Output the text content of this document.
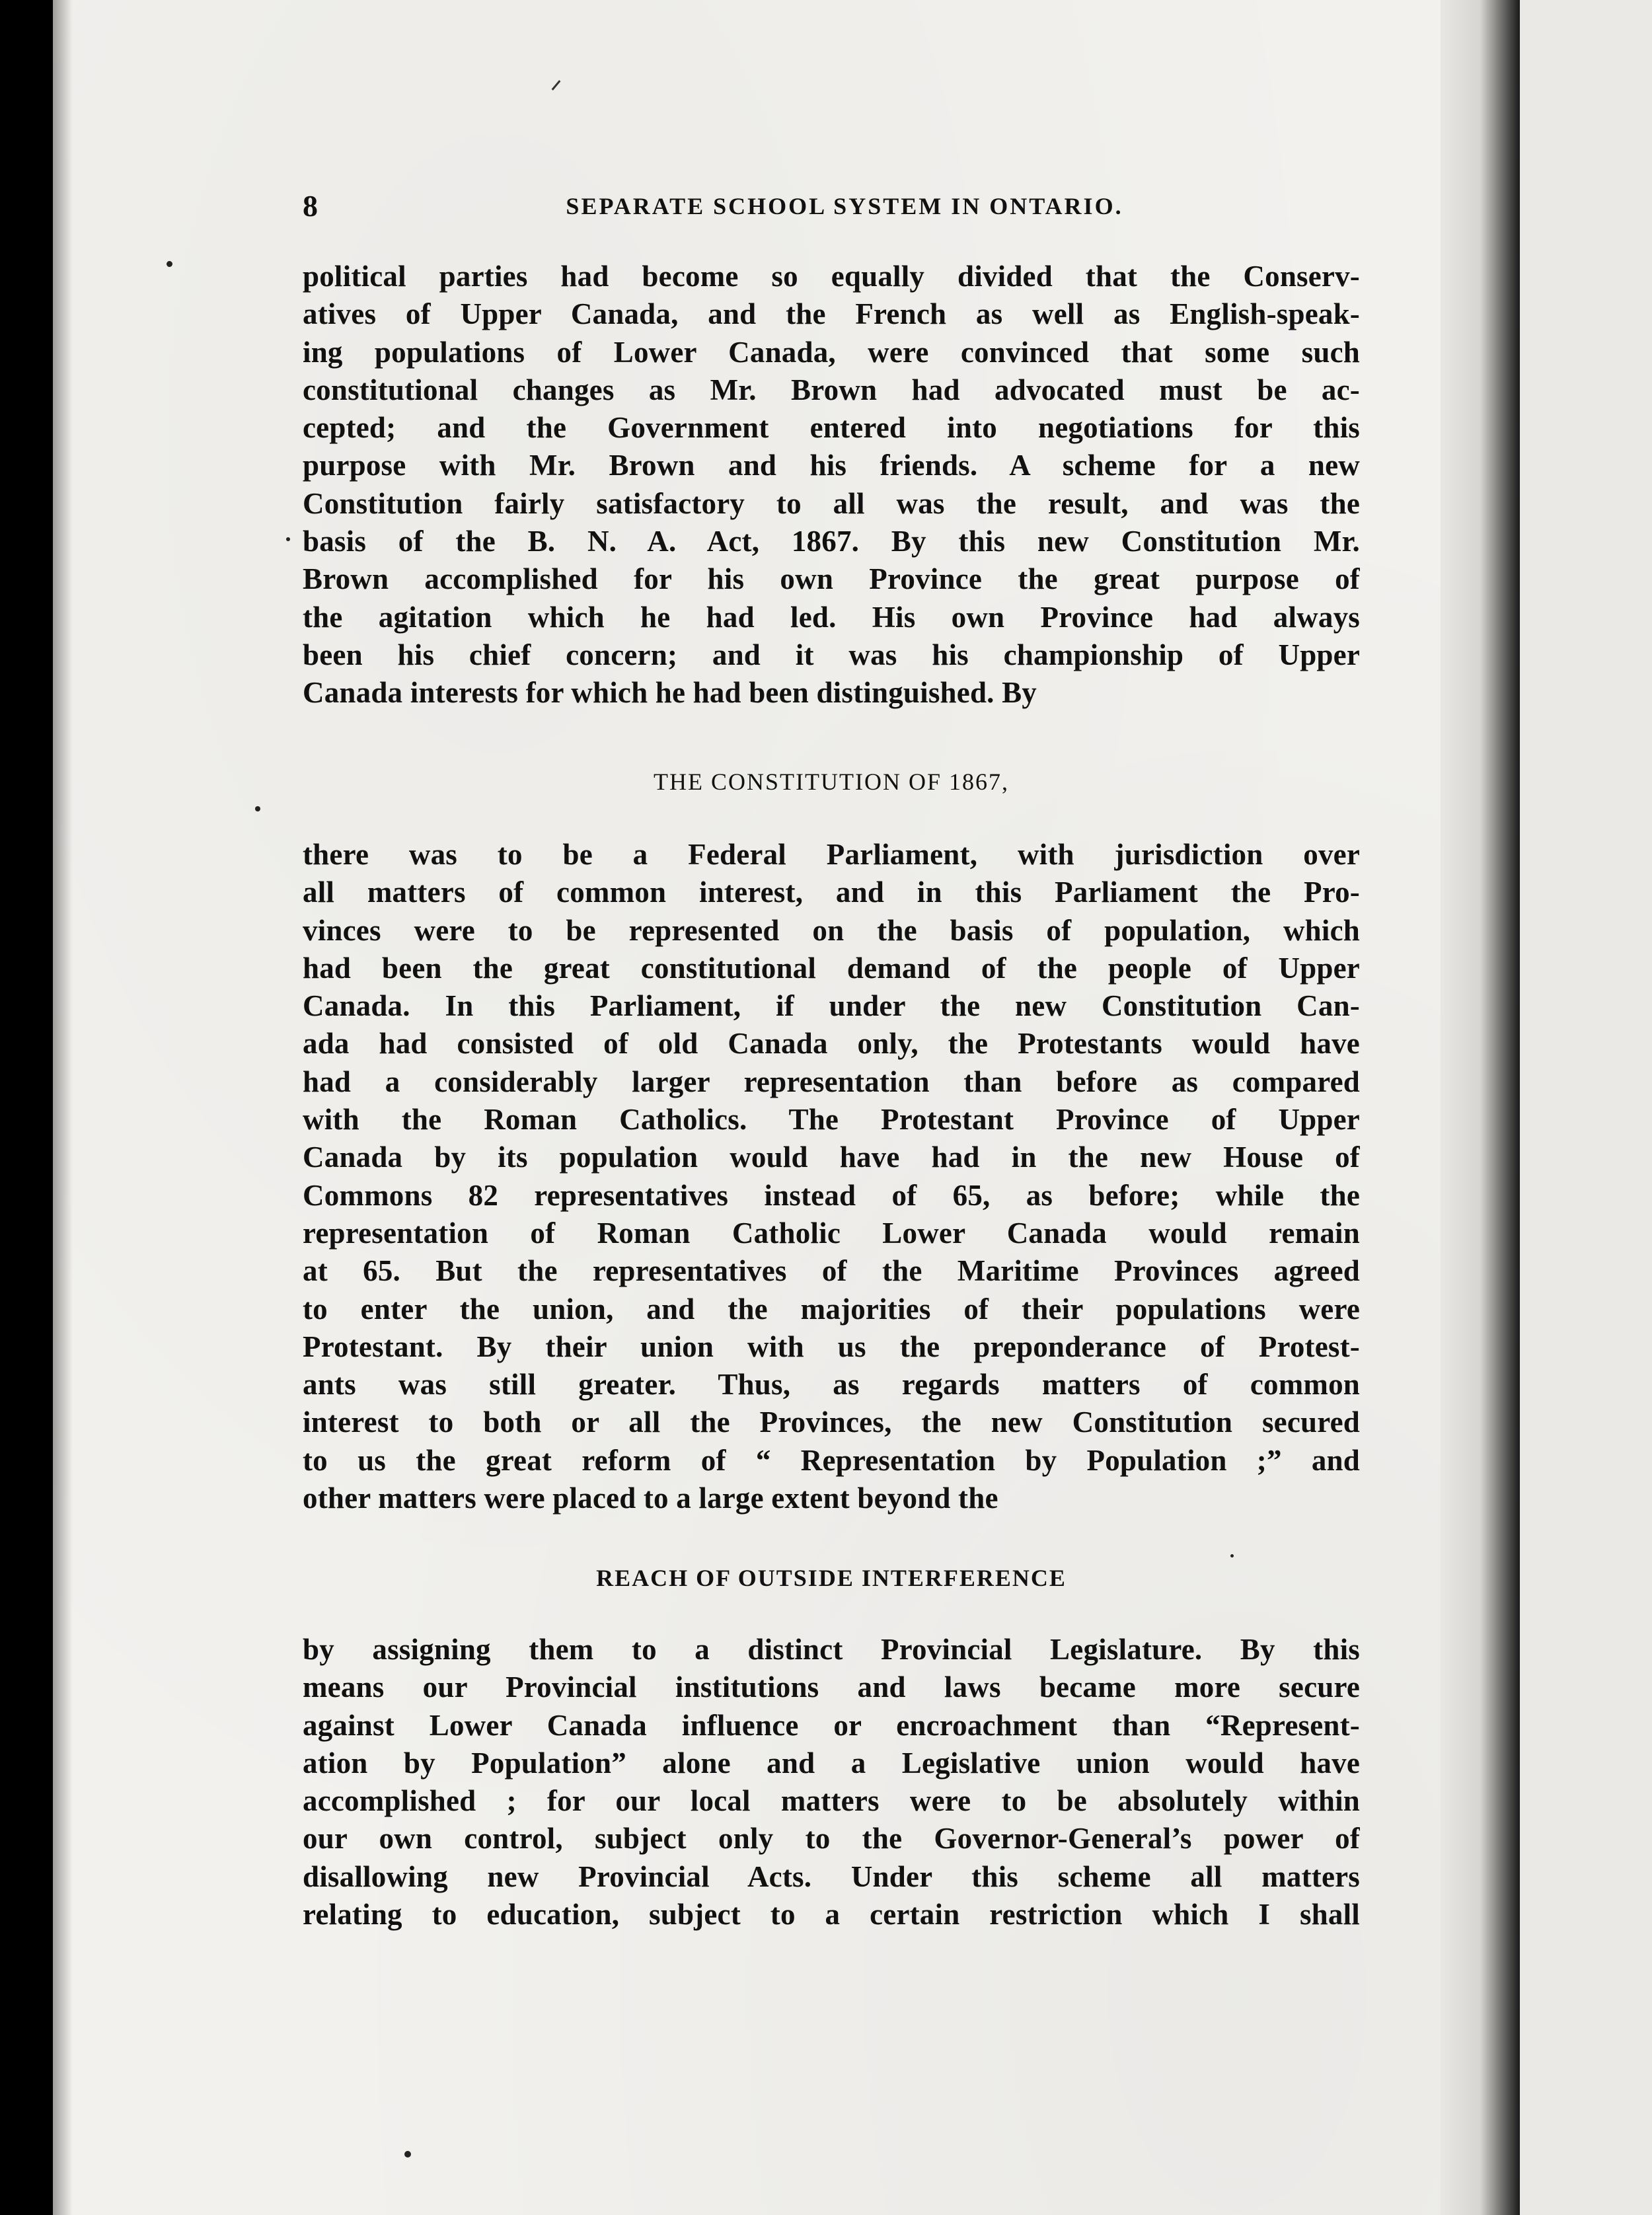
8	SEPARATE SCHOOL SYSTEM IN ONTARIO.
political parties had become so equally divided that the Conserv-
atives of Upper Canada, and the French as well as English-speak-
ing populations of Lower Canada, were convinced that some such
constitutional changes as Mr. Brown had advocated must be ac-
cepted; and the Government entered into negotiations for this
purpose with Mr. Brown and his friends. A scheme for a new
Constitution fairly satisfactory to all was the result, and was the
basis of the B. N. A. Act, 1867. By this new Constitution Mr.
Brown accomplished for his own Province the great purpose of
the agitation which he had led. His own Province had always
been his chief concern; and it was his championship of Upper
Canada interests for which he had been distinguished. By
THE CONSTITUTION OF 1867,
there was to be a Federal Parliament, with jurisdiction over
all matters of common interest, and in this Parliament the Pro-
vinces were to be represented on the basis of population, which
had been the great constitutional demand of the people of Upper
Canada. In this Parliament, if under the new Constitution Can-
ada had consisted of old Canada only, the Protestants would have
had a considerably larger representation than before as compared
with the Roman Catholics. The Protestant Province of Upper
Canada by its population would have had in the new House of
Commons 82 representatives instead of 65, as before; while the
representation of Roman Catholic Lower Canada would remain
at 65. But the representatives of the Maritime Provinces agreed
to enter the union, and the majorities of their populations were
Protestant. By their union with us the preponderance of Protest-
ants was still greater. Thus, as regards matters of common
interest to both or all the Provinces, the new Constitution secured
to us the great reform of “ Representation by Population ;” and
other matters were placed to a large extent beyond the
REACH OF OUTSIDE INTERFERENCE
by assigning them to a distinct Provincial Legislature. By this
means our Provincial institutions and laws became more secure
against Lower Canada influence or encroachment than “Represent-
ation by Population” alone and a Legislative union would have
accomplished ; for our local matters were to be absolutely within
our own control, subject only to the Governor-General’s power of
disallowing new Provincial Acts. Under this scheme all matters
relating to education, subject to a certain restriction which I shall
